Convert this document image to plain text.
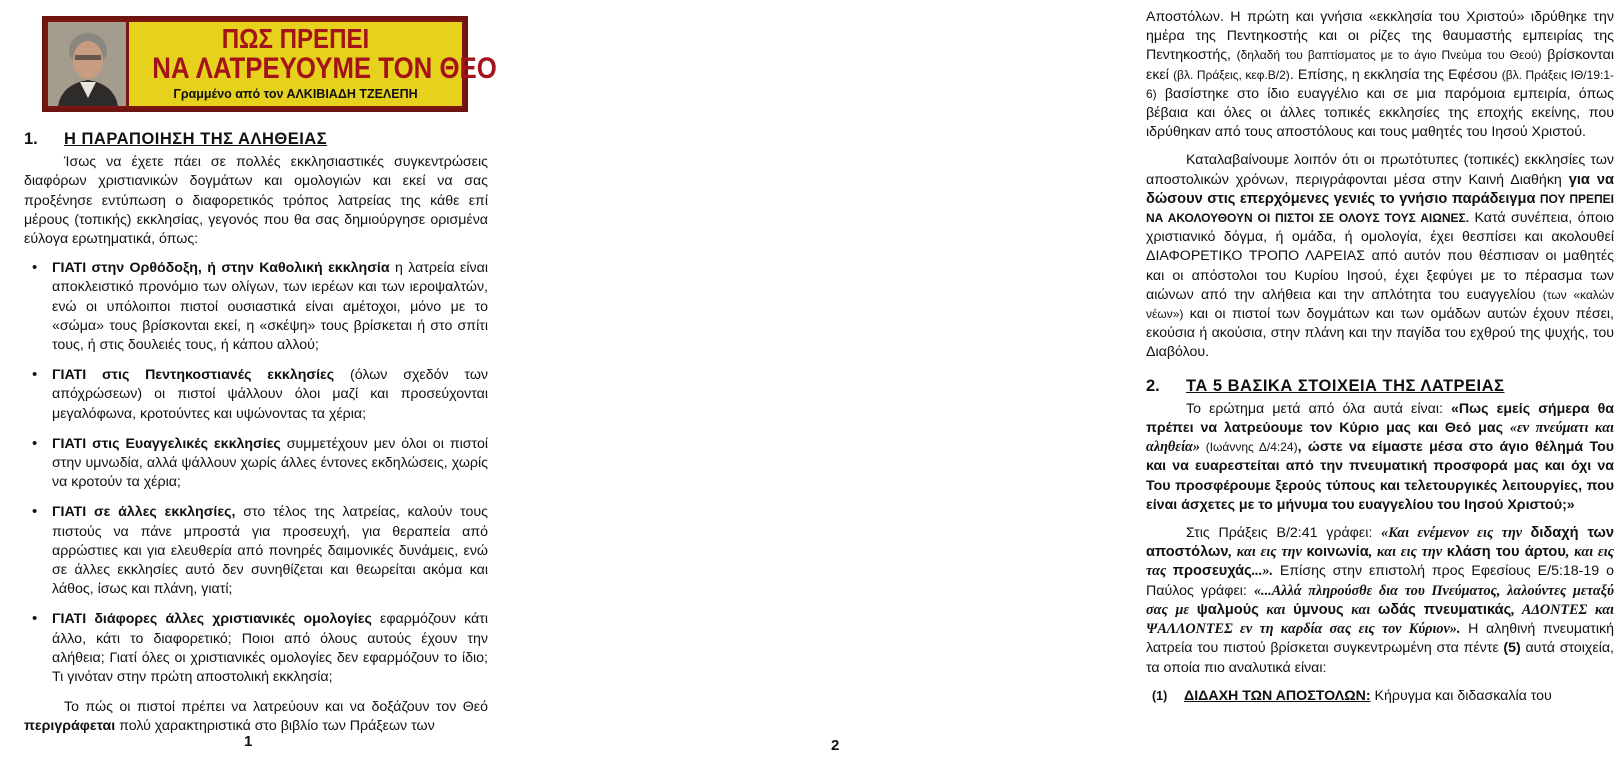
ΠΩΣ ΠΡΕΠΕΙ
ΝΑ ΛΑΤΡΕΥΟΥΜΕ ΤΟΝ ΘΕΟ
Γραμμένο από τον ΑΛΚΙΒΙΑΔΗ ΤΖΕΛΕΠΗ
1.	Η ΠΑΡΑΠΟΙΗΣΗ ΤΗΣ ΑΛΗΘΕΙΑΣ

Ίσως να έχετε πάει σε πολλές εκκλησιαστικές συγκεντρώσεις διαφόρων χριστιανικών δογμάτων και ομολογιών και εκεί να σας προξένησε εντύπωση ο διαφορετικός τρόπος λατρείας της κάθε επί μέρους (τοπικής) εκκλησίας, γεγονός που θα σας δημιούργησε ορισμένα εύλογα ερωτηματικά, όπως:

• ΓΙΑΤΙ στην Ορθόδοξη, ή στην Καθολική εκκλησία η λατρεία είναι αποκλειστικό προνόμιο των ολίγων, των ιερέων και των ιεροψαλτών, ενώ οι υπόλοιποι πιστοί ουσιαστικά είναι αμέτοχοι, μόνο με το «σώμα» τους βρίσκονται εκεί, η «σκέψη» τους βρίσκεται ή στο σπίτι τους, ή στις δουλειές τους, ή κάπου αλλού;
• ΓΙΑΤΙ στις Πεντηκοστιανές εκκλησίες (όλων σχεδόν των απόχρώσεων) οι πιστοί ψάλλουν όλοι μαζί και προσεύχονται μεγαλόφωνα, κροτούντες και υψώνοντας τα χέρια;
• ΓΙΑΤΙ στις Ευαγγελικές εκκλησίες συμμετέχουν μεν όλοι οι πιστοί στην υμνωδία, αλλά ψάλλουν χωρίς άλλες έντονες εκδηλώσεις, χωρίς να κροτούν τα χέρια;
• ΓΙΑΤΙ σε άλλες εκκλησίες, στο τέλος της λατρείας, καλούν τους πιστούς να πάνε μπροστά για προσευχή, για θεραπεία από αρρώστιες και για ελευθερία από πονηρές δαιμονικές δυνάμεις, ενώ σε άλλες εκκλησίες αυτό δεν συνηθίζεται και θεωρείται ακόμα και λάθος, ίσως και πλάνη, γιατί;
• ΓΙΑΤΙ διάφορες άλλες χριστιανικές ομολογίες εφαρμόζουν κάτι άλλο, κάτι το διαφορετικό; Ποιοι από όλους αυτούς έχουν την αλήθεια; Γιατί όλες οι χριστιανικές ομολογίες δεν εφαρμόζουν το ίδιο; Τι γινόταν στην πρώτη αποστολική εκκλησία;

Το πώς οι πιστοί πρέπει να λατρεύουν και να δοξάζουν τον Θεό περιγράφεται πολύ χαρακτηριστικά στο βιβλίο των Πράξεων των

1

Αποστόλων. Η πρώτη και γνήσια «εκκλησία του Χριστού» ιδρύθηκε την ημέρα της Πεντηκοστής και οι ρίζες της θαυμαστής εμπειρίας της Πεντηκοστής, (δηλαδή του βαπτίσματος με το άγιο Πνεύμα του Θεού) βρίσκονται εκεί (βλ. Πράξεις, κεφ.Β/2). Επίσης, η εκκλησία της Εφέσου (βλ. Πράξεις ΙΘ/19:1-6) βασίστηκε στο ίδιο ευαγγέλιο και σε μια παρόμοια εμπειρία, όπως βέβαια και όλες οι άλλες τοπικές εκκλησίες της εποχής εκείνης, που ιδρύθηκαν από τους αποστόλους και τους μαθητές του Ιησού Χριστού.

Καταλαβαίνουμε λοιπόν ότι οι πρωτότυπες (τοπικές) εκκλησίες των αποστολικών χρόνων, περιγράφονται μέσα στην Καινή Διαθήκη για να δώσουν στις επερχόμενες γενιές το γνήσιο παράδειγμα ΠΟΥ ΠΡΕΠΕΙ ΝΑ ΑΚΟΛΟΥΘΟΥΝ ΟΙ ΠΙΣΤΟΙ ΣΕ ΟΛΟΥΣ ΤΟΥΣ ΑΙΩΝΕΣ. Κατά συνέπεια, όποιο χριστιανικό δόγμα, ή ομάδα, ή ομολογία, έχει θεσπίσει και ακολουθεί ΔΙΑΦΟΡΕΤΙΚΟ ΤΡΟΠΟ ΛΑΡΕΙΑΣ από αυτόν που θέσπισαν οι μαθητές και οι απόστολοι του Κυρίου Ιησού, έχει ξεφύγει με το πέρασμα των αιώνων από την αλήθεια και την απλότητα του ευαγγελίου (των «καλών νέων») και οι πιστοί των δογμάτων και των ομάδων αυτών έχουν πέσει, εκούσια ή ακούσια, στην πλάνη και την παγίδα του εχθρού της ψυχής, του Διαβόλου.

2.	ΤΑ 5 ΒΑΣΙΚΑ ΣΤΟΙΧΕΙΑ ΤΗΣ ΛΑΤΡΕΙΑΣ

Το ερώτημα μετά από όλα αυτά είναι: «Πως εμείς σήμερα θα πρέπει να λατρεύουμε τον Κύριο μας και Θεό μας «εν πνεύματι και αληθεία» (Ιωάννης Δ/4:24), ώστε να είμαστε μέσα στο άγιο θέλημά Του και να ευαρεστείται από την πνευματική προσφορά μας και όχι να Του προσφέρουμε ξερούς τύπους και τελετουργικές λειτουργίες, που είναι άσχετες με το μήνυμα του ευαγγελίου του Ιησού Χριστού;»

Στις Πράξεις Β/2:41 γράφει: «Και ενέμενον εις την διδαχή των αποστόλων, και εις την κοινωνία, και εις την κλάση του άρτου, και εις τας προσευχάς...». Επίσης στην επιστολή προς Εφεσίους Ε/5:18-19 ο Παύλος γράφει: «...Αλλά πληρούσθε δια του Πνεύματος, λαλούντες μεταξύ σας με ψαλμούς και ύμνους και ωδάς πνευματικάς, ΑΔΟΝΤΕΣ και ΨΑΛΛΟΝΤΕΣ εν τη καρδία σας εις τον Κύριον». Η αληθινή πνευματική λατρεία του πιστού βρίσκεται συγκεντρωμένη στα πέντε (5) αυτά στοιχεία, τα οποία πιο αναλυτικά είναι:

(1)	ΔΙΔΑΧΗ ΤΩΝ ΑΠΟΣΤΟΛΩΝ: Κήρυγμα και διδασκαλία του
2
